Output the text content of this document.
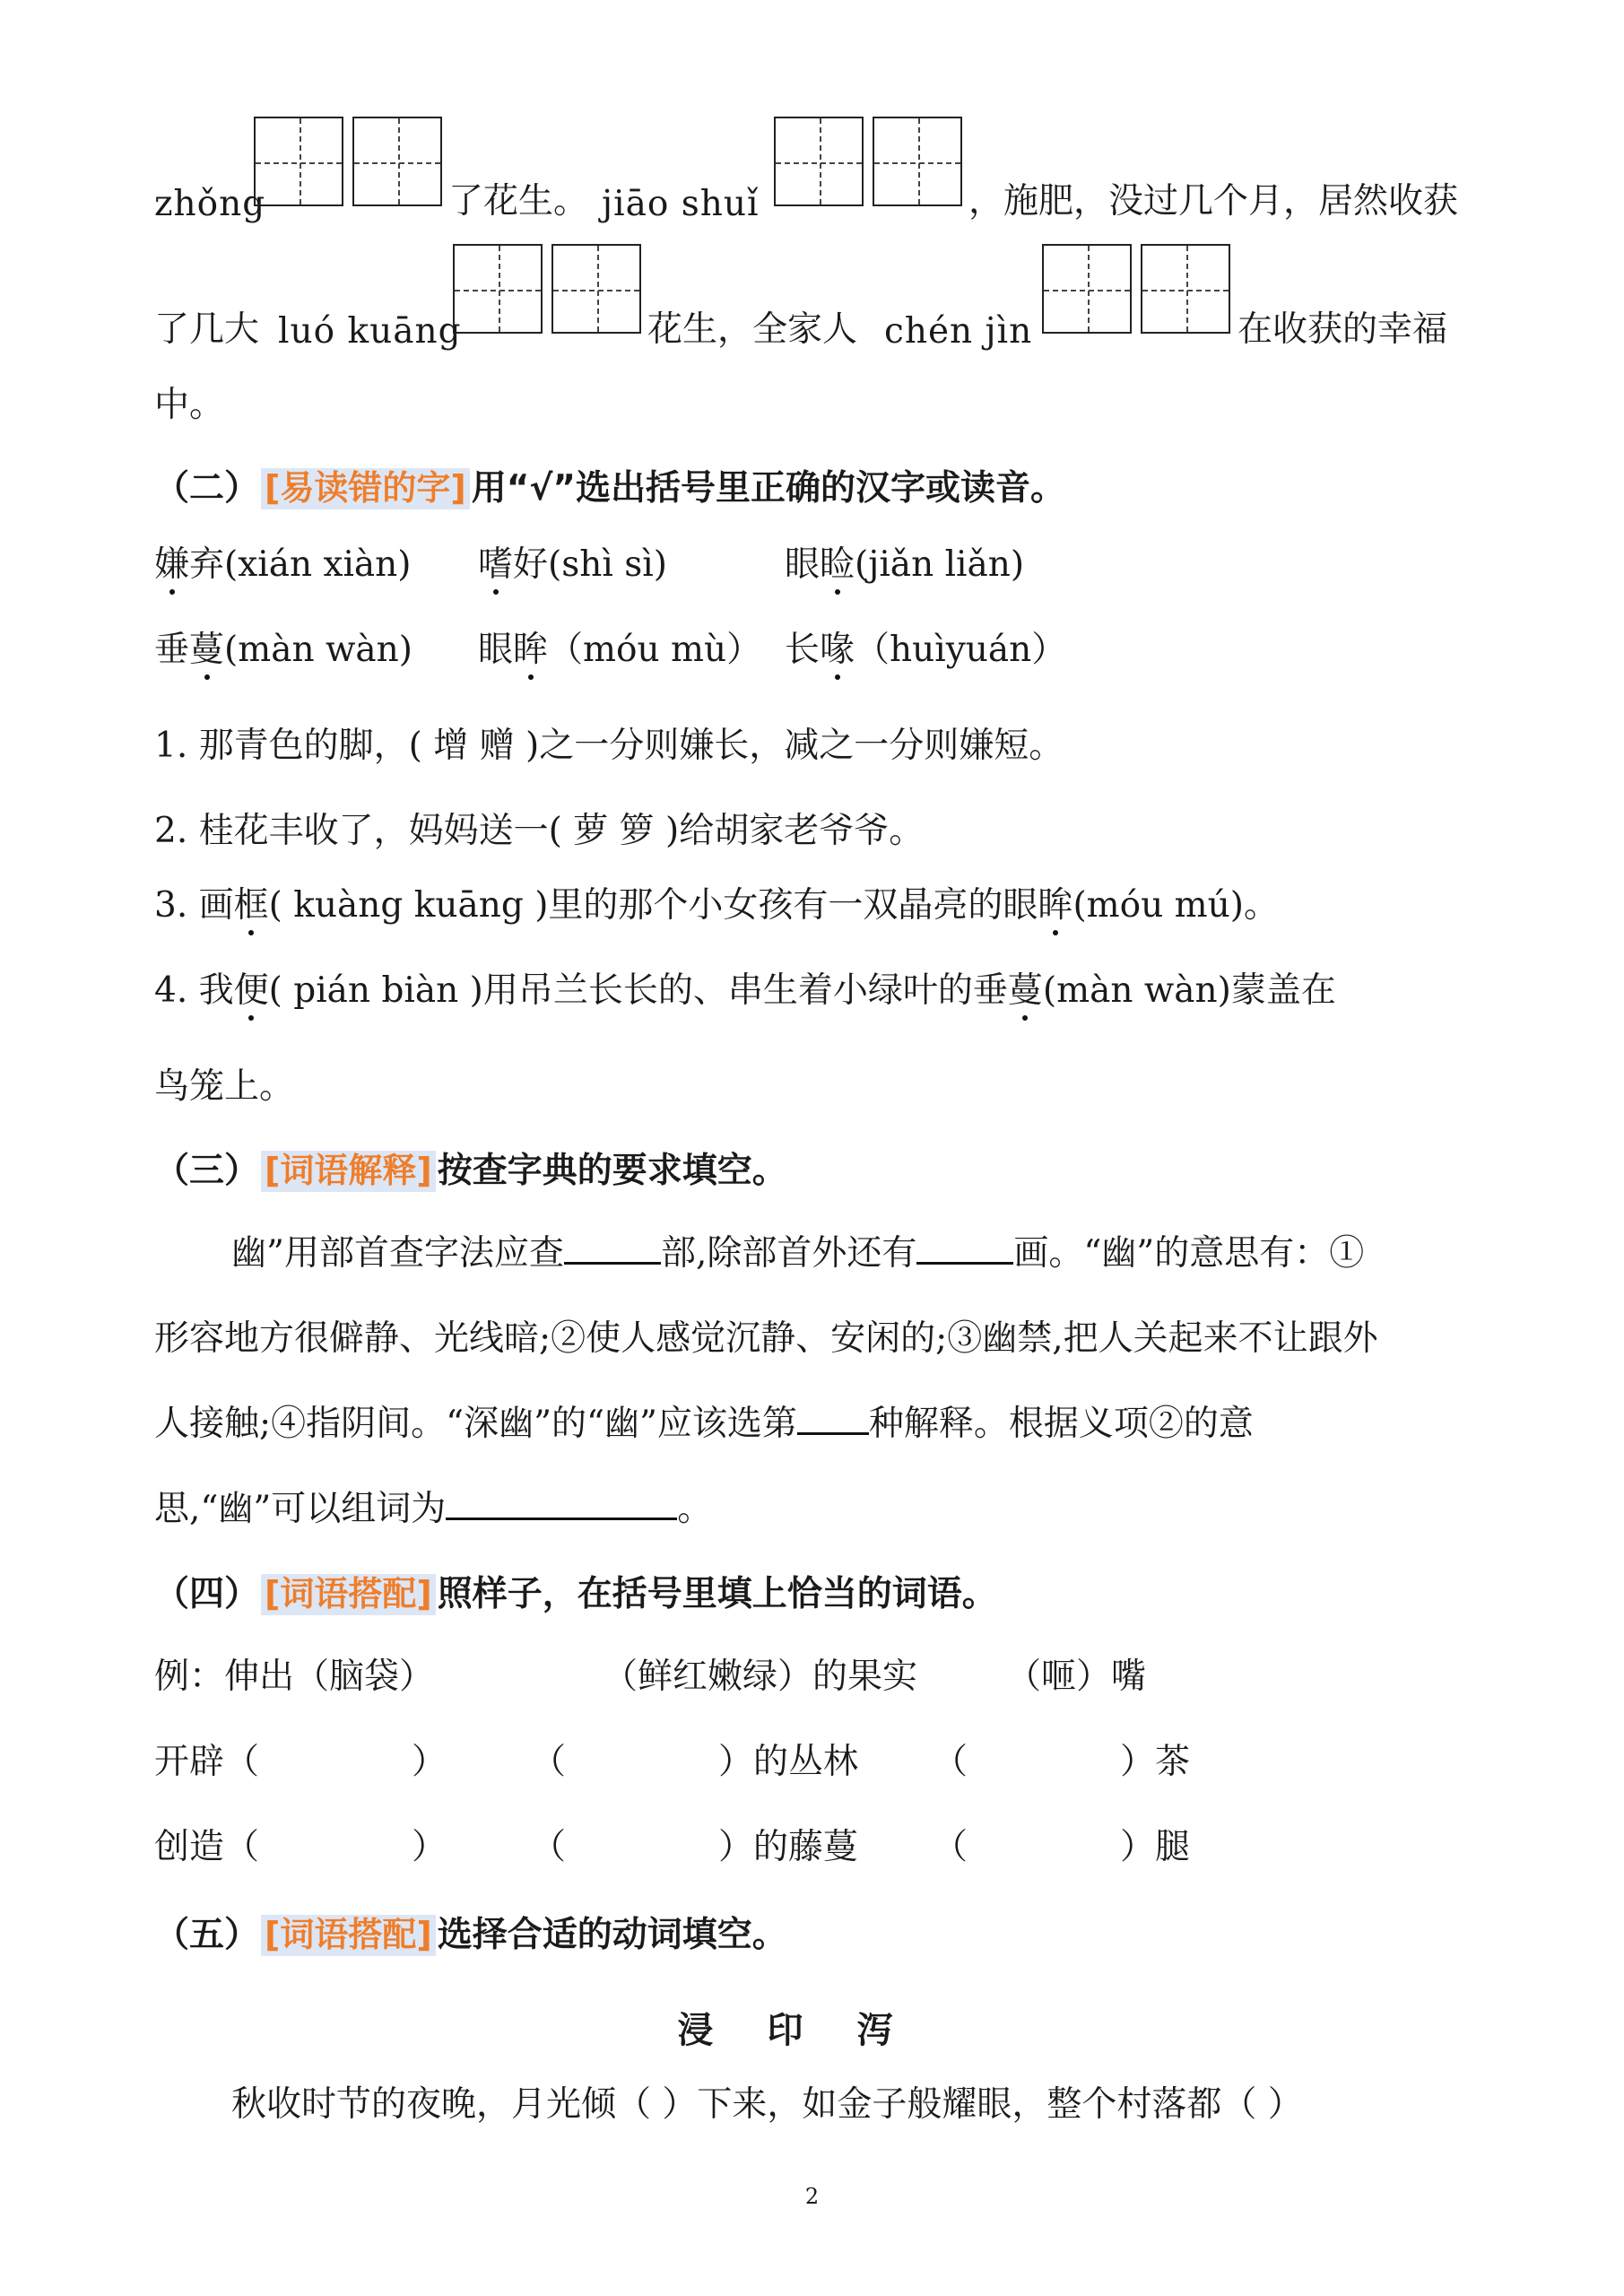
zhǒng	了花生。 jiāo shuǐ	，施肥，没过几个月，居然收获
了几大 luó kuāng	花生，全家人 chén jìn	在收获的幸福
中。
（二） [易读错的字] 用“√”选出括号里正确的汉字或读音。
嫌弃(xián xiàn) 嗜好(shì sì)	眼睑(jiǎn liǎn)
垂蔓(màn wàn) 眼眸（móu mù） 长喙（huìyuán）
1. 那青色的脚，( 增 赠 )之一分则嫌长，减之一分则嫌短。
2. 桂花丰收了，妈妈送一( 萝 箩 )给胡家老爷爷。
3. 画框( kuàng kuāng )里的那个小女孩有一双晶亮的眼眸(móu mú)。
4. 我便( pián biàn )用吊兰长长的、串生着小绿叶的垂蔓(màn wàn)蒙盖在
鸟笼上。
（三） [词语解释] 按查字典的要求填空。
幽”用部首查字法应查	部,除部首外还有	画。“幽”的意思有：①
形容地方很僻静、光线暗;②使人感觉沉静、安闲的;③幽禁,把人关起来不让跟外
人接触;④指阴间。“深幽”的“幽”应该选第 种解释。根据义项②的意
思,“幽”可以组词为	。
（四） [词语搭配] 照样子，在括号里填上恰当的词语。
例：伸出（脑袋）	（鲜红嫩绿）的果实	（咂）嘴
开辟（	） （	）的丛林 （	）茶
创造（	） （	）的藤蔓 （	）腿
（五） [词语搭配] 选择合适的动词填空。
浸印泻
秋收时节的夜晚，月光倾（ ）下来，如金子般耀眼，整个村落都（ ）
2
